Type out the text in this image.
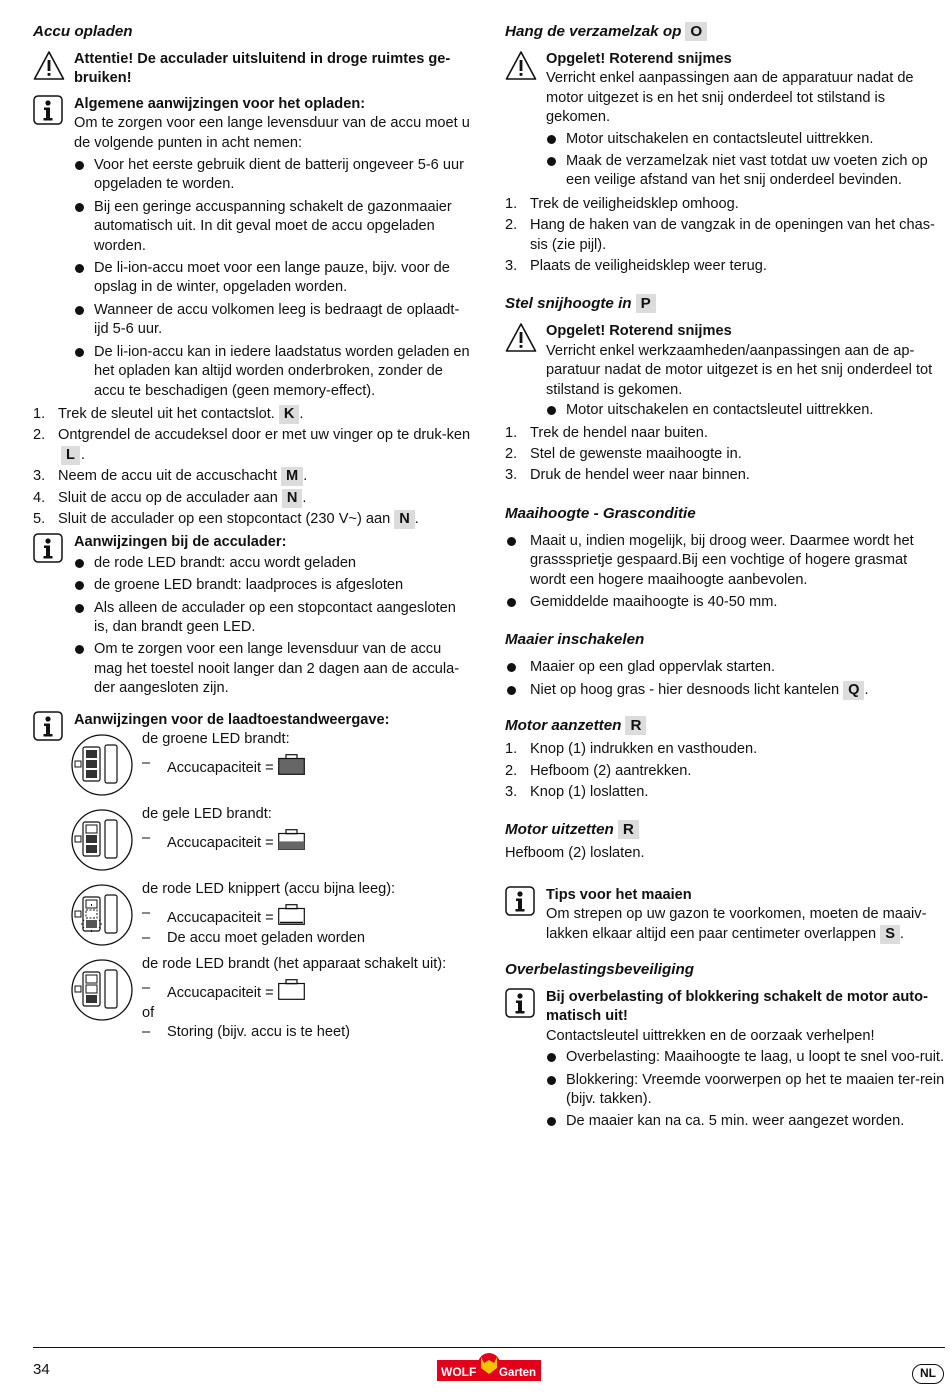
Accu opladen
Attentie! De acculader uitsluitend in droge ruimtes ge-bruiken!
Algemene aanwijzingen voor het opladen:
Om te zorgen voor een lange levensduur van de accu moet u de volgende punten in acht nemen:
Voor het eerste gebruik dient de batterij ongeveer 5-6 uur opgeladen te worden.
Bij een geringe accuspanning schakelt de gazonmaaier automatisch uit. In dit geval moet de accu opgeladen worden.
De li-ion-accu moet voor een lange pauze, bijv. voor de opslag in de winter, opgeladen worden.
Wanneer de accu volkomen leeg is bedraagt de oplaadt-ijd 5-6 uur.
De li-ion-accu kan in iedere laadstatus worden geladen en het opladen kan altijd worden onderbroken, zonder de accu te beschadigen (geen memory-effect).
1. Trek de sleutel uit het contactslot. K .
2. Ontgrendel de accudeksel door er met uw vinger op te druk-kenL .
3. Neem de accu uit de accuschacht M .
4. Sluit de accu op de acculader aan N .
5. Sluit de acculader op een stopcontact (230 V~) aan N .
Aanwijzingen bij de acculader:
de rode LED brandt: accu wordt geladen
de groene LED brandt: laadproces is afgesloten
Als alleen de acculader op een stopcontact aangesloten is, dan brandt geen LED.
Om te zorgen voor een lange levensduur van de accu mag het toestel nooit langer dan 2 dagen aan de accula-der aangesloten zijn.
Aanwijzingen voor de laadtoestandweergave:
de groene LED brandt:
– Accucapaciteit =
de gele LED brandt:
– Accucapaciteit =
de rode LED knippert (accu bijna leeg):
– Accucapaciteit =
– De accu moet geladen worden
de rode LED brandt (het apparaat schakelt uit):
– Accucapaciteit =
of
– Storing (bijv. accu is te heet)
Hang de verzamelzak op O
Opgelet! Roterend snijmes
Verricht enkel aanpassingen aan de apparatuur nadat de motor uitgezet is en het snij onderdeel tot stilstand is gekomen.
Motor uitschakelen en contactsleutel uittrekken.
Maak de verzamelzak niet vast totdat uw voeten zich op een veilige afstand van het snij onderdeel bevinden.
1. Trek de veiligheidsklep omhoog.
2. Hang de haken van de vangzak in de openingen van het chas-sis (zie pijl).
3. Plaats de veiligheidsklep weer terug.
Stel snijhoogte in P
Opgelet! Roterend snijmes
Verricht enkel werkzaamheden/aanpassingen aan de ap-paratuur nadat de motor uitgezet is en het snij onderdeel tot stilstand is gekomen.
Motor uitschakelen en contactsleutel uittrekken.
1. Trek de hendel naar buiten.
2. Stel de gewenste maaihoogte in.
3. Druk de hendel weer naar binnen.
Maaihoogte - Grasconditie
Maait u, indien mogelijk, bij droog weer. Daarmee wordt het grasssprietje gespaard.Bij een vochtige of hogere grasmat wordt een hogere maaihoogte aanbevolen.
Gemiddelde maaihoogte is 40-50 mm.
Maaier inschakelen
Maaier op een glad oppervlak starten.
Niet op hoog gras - hier desnoods licht kantelen Q .
Motor aanzetten R
1. Knop (1) indrukken en vasthouden.
2. Hefboom (2) aantrekken.
3. Knop (1) loslatten.
Motor uitzetten R
Hefboom (2) loslaten.
Tips voor het maaien
Om strepen op uw gazon te voorkomen, moeten de maaiv-lakken elkaar altijd een paar centimeter overlappen S .
Overbelastingsbeveiliging
Bij overbelasting of blokkering schakelt de motor auto-matisch uit!
Contactsleutel uittrekken en de oorzaak verhelpen!
Overbelasting: Maaihoogte te laag, u loopt te snel voo-ruit.
Blokkering: Vreemde voorwerpen op het te maaien ter-rein (bijv. takken).
De maaier kan na ca. 5 min. weer aangezet worden.
34	WOLF Garten	NL
